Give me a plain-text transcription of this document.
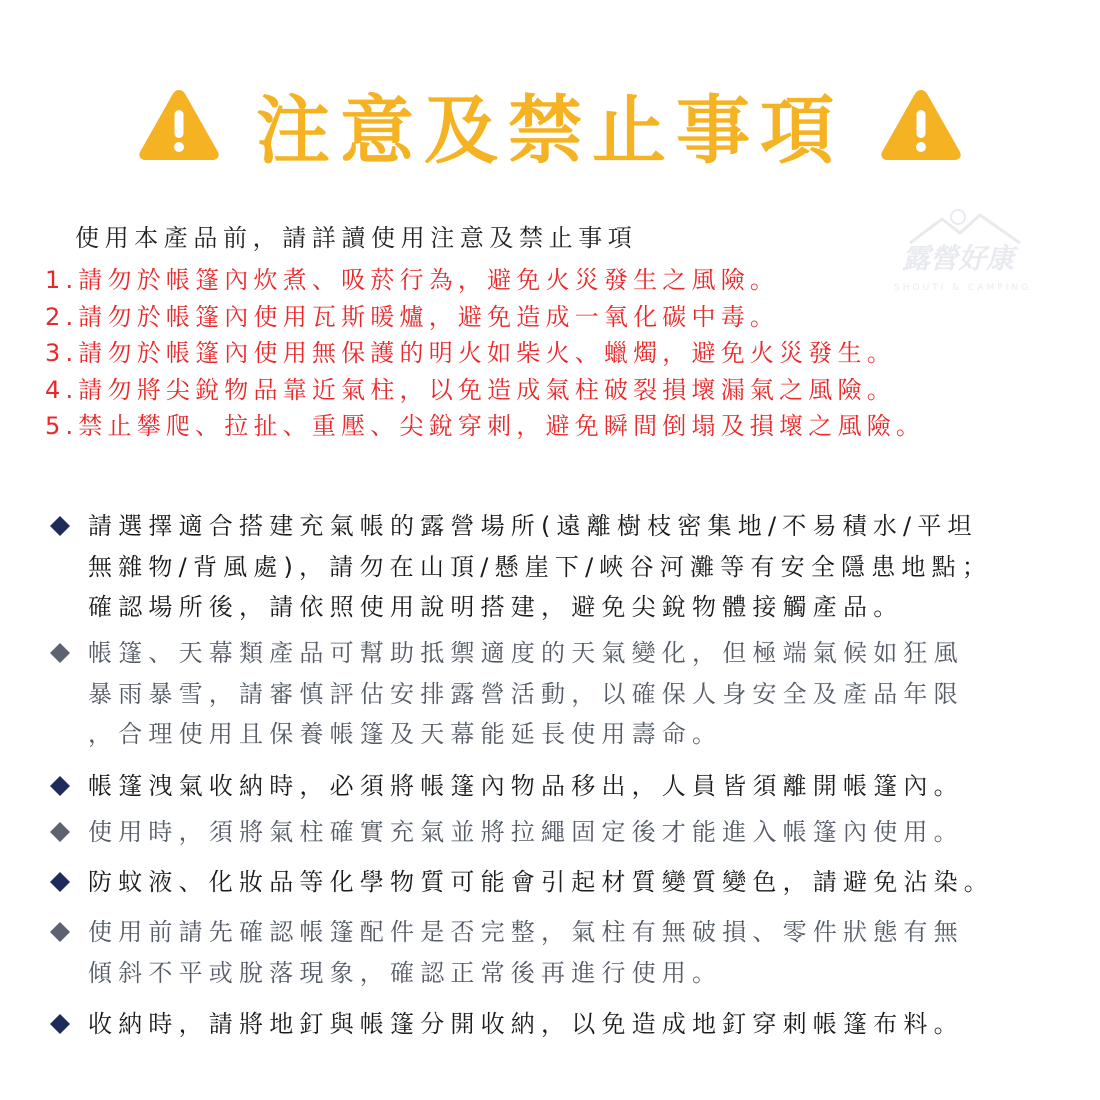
注意及禁止事項
露營好康
SHOUTI & CAMPING
使用本產品前，請詳讀使用注意及禁止事項
1.請勿於帳篷內炊煮、吸菸行為，避免火災發生之風險。
2.請勿於帳篷內使用瓦斯暖爐，避免造成一氧化碳中毒。
3.請勿於帳篷內使用無保護的明火如柴火、蠟燭，避免火災發生。
4.請勿將尖銳物品靠近氣柱，以免造成氣柱破裂損壞漏氣之風險。
5.禁止攀爬、拉扯、重壓、尖銳穿刺，避免瞬間倒塌及損壞之風險。
請選擇適合搭建充氣帳的露營場所(遠離樹枝密集地/不易積水/平坦
無雜物/背風處)，請勿在山頂/懸崖下/峽谷河灘等有安全隱患地點；
確認場所後，請依照使用說明搭建，避免尖銳物體接觸產品。
帳篷、天幕類產品可幫助抵禦適度的天氣變化，但極端氣候如狂風
暴雨暴雪，請審慎評估安排露營活動，以確保人身安全及產品年限
，合理使用且保養帳篷及天幕能延長使用壽命。
帳篷洩氣收納時，必須將帳篷內物品移出，人員皆須離開帳篷內。
使用時，須將氣柱確實充氣並將拉繩固定後才能進入帳篷內使用。
防蚊液、化妝品等化學物質可能會引起材質變質變色，請避免沾染。
使用前請先確認帳篷配件是否完整，氣柱有無破損、零件狀態有無
傾斜不平或脫落現象，確認正常後再進行使用。
收納時，請將地釘與帳篷分開收納，以免造成地釘穿刺帳篷布料。
